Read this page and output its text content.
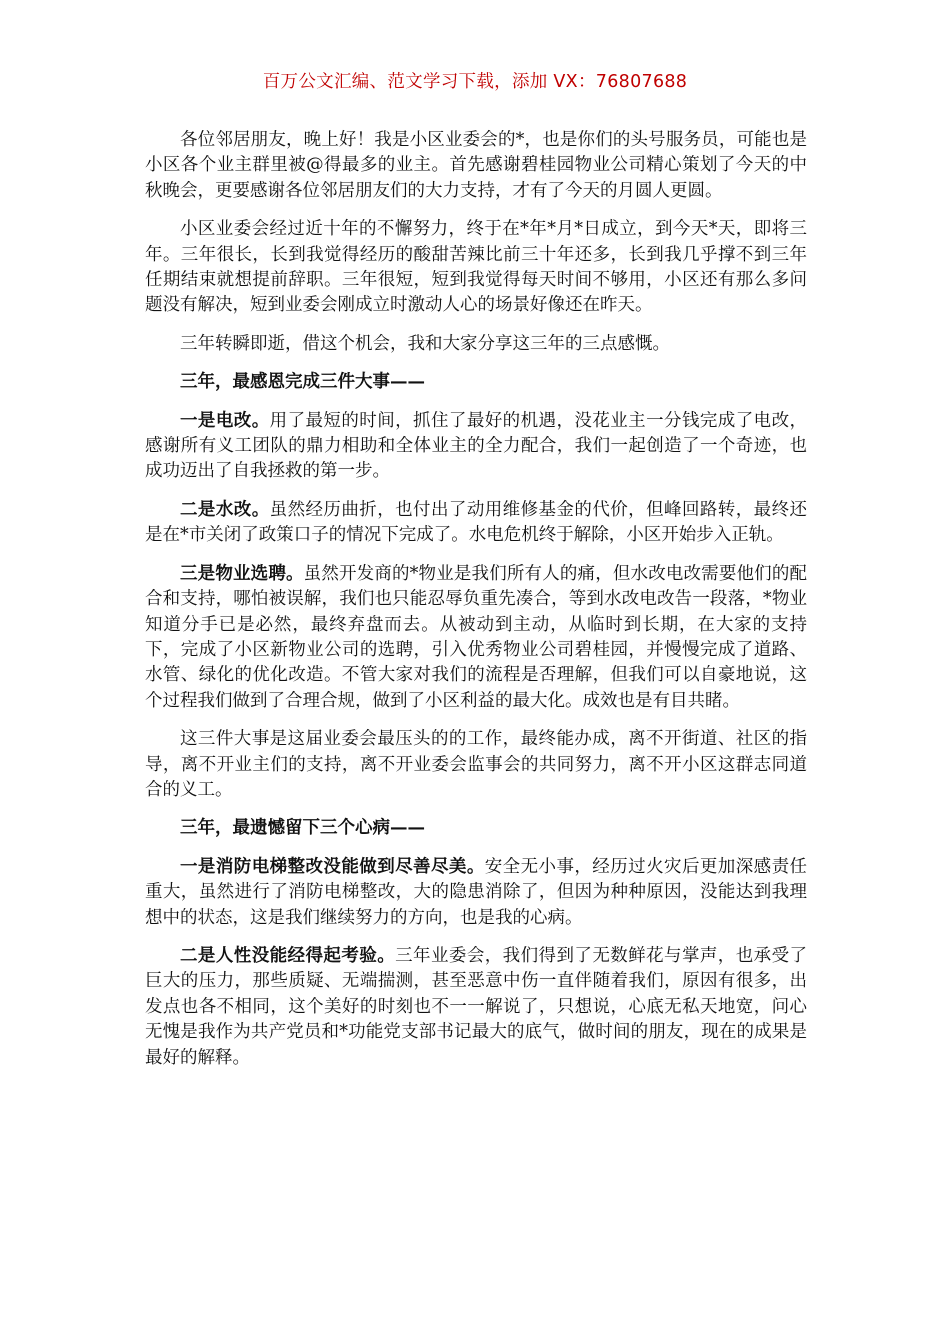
百万公文汇编、范文学习下载，添加 VX：76807688

各位邻居朋友，晚上好！我是小区业委会的*，也是你们的头号服务员，可能也是小区各个业主群里被@得最多的业主。首先感谢碧桂园物业公司精心策划了今天的中秋晚会，更要感谢各位邻居朋友们的大力支持，才有了今天的月圆人更圆。

小区业委会经过近十年的不懈努力，终于在*年*月*日成立，到今天*天，即将三年。三年很长，长到我觉得经历的酸甜苦辣比前三十年还多，长到我几乎撑不到三年任期结束就想提前辞职。三年很短，短到我觉得每天时间不够用，小区还有那么多问题没有解决，短到业委会刚成立时激动人心的场景好像还在昨天。

三年转瞬即逝，借这个机会，我和大家分享这三年的三点感慨。

三年，最感恩完成三件大事——

一是电改。用了最短的时间，抓住了最好的机遇，没花业主一分钱完成了电改，感谢所有义工团队的鼎力相助和全体业主的全力配合，我们一起创造了一个奇迹，也成功迈出了自我拯救的第一步。

二是水改。虽然经历曲折，也付出了动用维修基金的代价，但峰回路转，最终还是在*市关闭了政策口子的情况下完成了。水电危机终于解除，小区开始步入正轨。

三是物业选聘。虽然开发商的*物业是我们所有人的痛，但水改电改需要他们的配合和支持，哪怕被误解，我们也只能忍辱负重先凑合，等到水改电改告一段落，*物业知道分手已是必然，最终弃盘而去。从被动到主动，从临时到长期，在大家的支持下，完成了小区新物业公司的选聘，引入优秀物业公司碧桂园，并慢慢完成了道路、水管、绿化的优化改造。不管大家对我们的流程是否理解，但我们可以自豪地说，这个过程我们做到了合理合规，做到了小区利益的最大化。成效也是有目共睹。

这三件大事是这届业委会最压头的的工作，最终能办成，离不开街道、社区的指导，离不开业主们的支持，离不开业委会监事会的共同努力，离不开小区这群志同道合的义工。

三年，最遗憾留下三个心病——

一是消防电梯整改没能做到尽善尽美。安全无小事，经历过火灾后更加深感责任重大，虽然进行了消防电梯整改，大的隐患消除了，但因为种种原因，没能达到我理想中的状态，这是我们继续努力的方向，也是我的心病。

二是人性没能经得起考验。三年业委会，我们得到了无数鲜花与掌声，也承受了巨大的压力，那些质疑、无端揣测，甚至恶意中伤一直伴随着我们，原因有很多，出发点也各不相同，这个美好的时刻也不一一解说了，只想说，心底无私天地宽，问心无愧是我作为共产党员和*功能党支部书记最大的底气，做时间的朋友，现在的成果是最好的解释。
